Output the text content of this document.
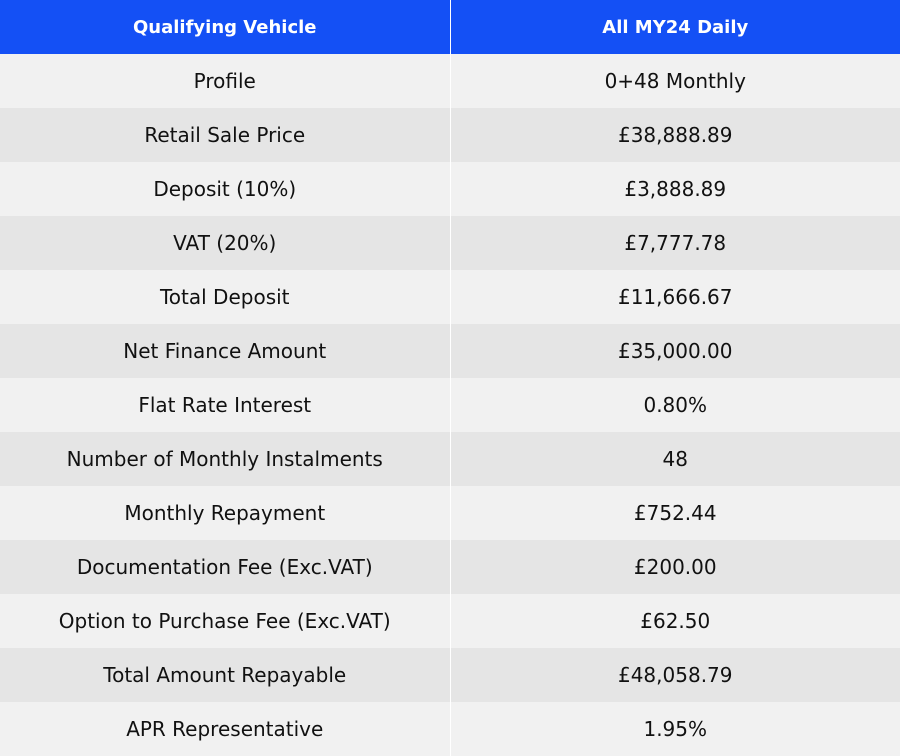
Qualifying Vehicle	All MY24 Daily
Profile	0+48 Monthly
Retail Sale Price	£38,888.89
Deposit (10%)	£3,888.89
VAT (20%)	£7,777.78
Total Deposit	£11,666.67
Net Finance Amount	£35,000.00
Flat Rate Interest	0.80%
Number of Monthly Instalments	48
Monthly Repayment	£752.44
Documentation Fee (Exc.VAT)	£200.00
Option to Purchase Fee (Exc.VAT)	£62.50
Total Amount Repayable	£48,058.79
APR Representative	1.95%
